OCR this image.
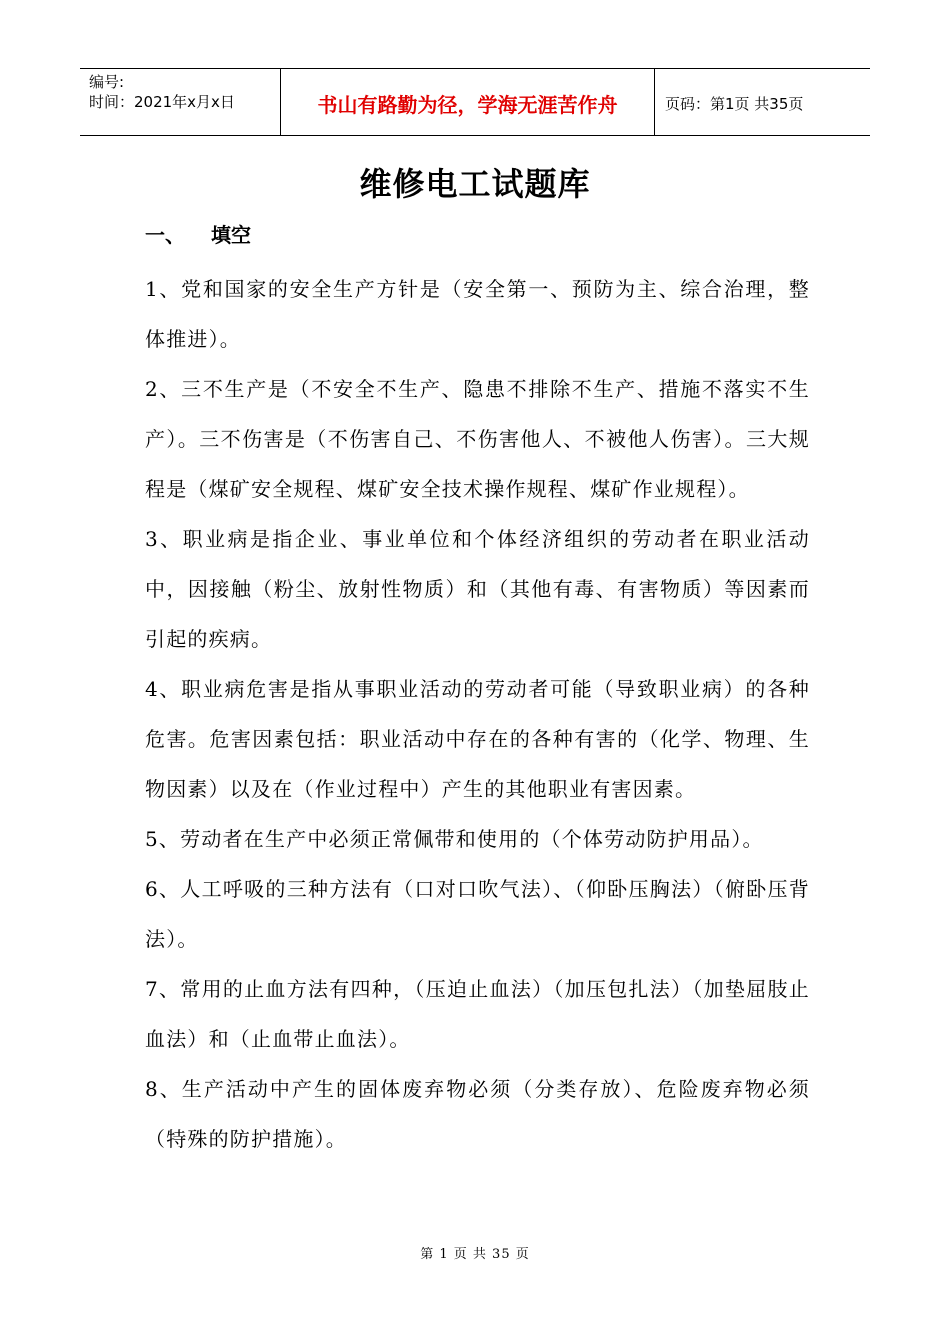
编号:
时间：2021年x月x日	书山有路勤为径，学海无涯苦作舟	页码：第1页 共35页
维修电工试题库
一、 填空

1、党和国家的安全生产方针是（安全第一、预防为主、综合治理，整体推进）。

2、三不生产是（不安全不生产、隐患不排除不生产、措施不落实不生产）。三不伤害是（不伤害自己、不伤害他人、不被他人伤害）。三大规程是（煤矿安全规程、煤矿安全技术操作规程、煤矿作业规程）。

3、职业病是指企业、事业单位和个体经济组织的劳动者在职业活动中，因接触（粉尘、放射性物质）和（其他有毒、有害物质）等因素而引起的疾病。

4、职业病危害是指从事职业活动的劳动者可能（导致职业病）的各种危害。危害因素包括：职业活动中存在的各种有害的（化学、物理、生物因素）以及在（作业过程中）产生的其他职业有害因素。

5、劳动者在生产中必须正常佩带和使用的（个体劳动防护用品）。

6、人工呼吸的三种方法有（口对口吹气法）、（仰卧压胸法）（俯卧压背法）。

7、常用的止血方法有四种，（压迫止血法）（加压包扎法）（加垫屈肢止血法）和（止血带止血法）。

8、生产活动中产生的固体废弃物必须（分类存放）、危险废弃物必须（特殊的防护措施）。

第 1 页 共 35 页
